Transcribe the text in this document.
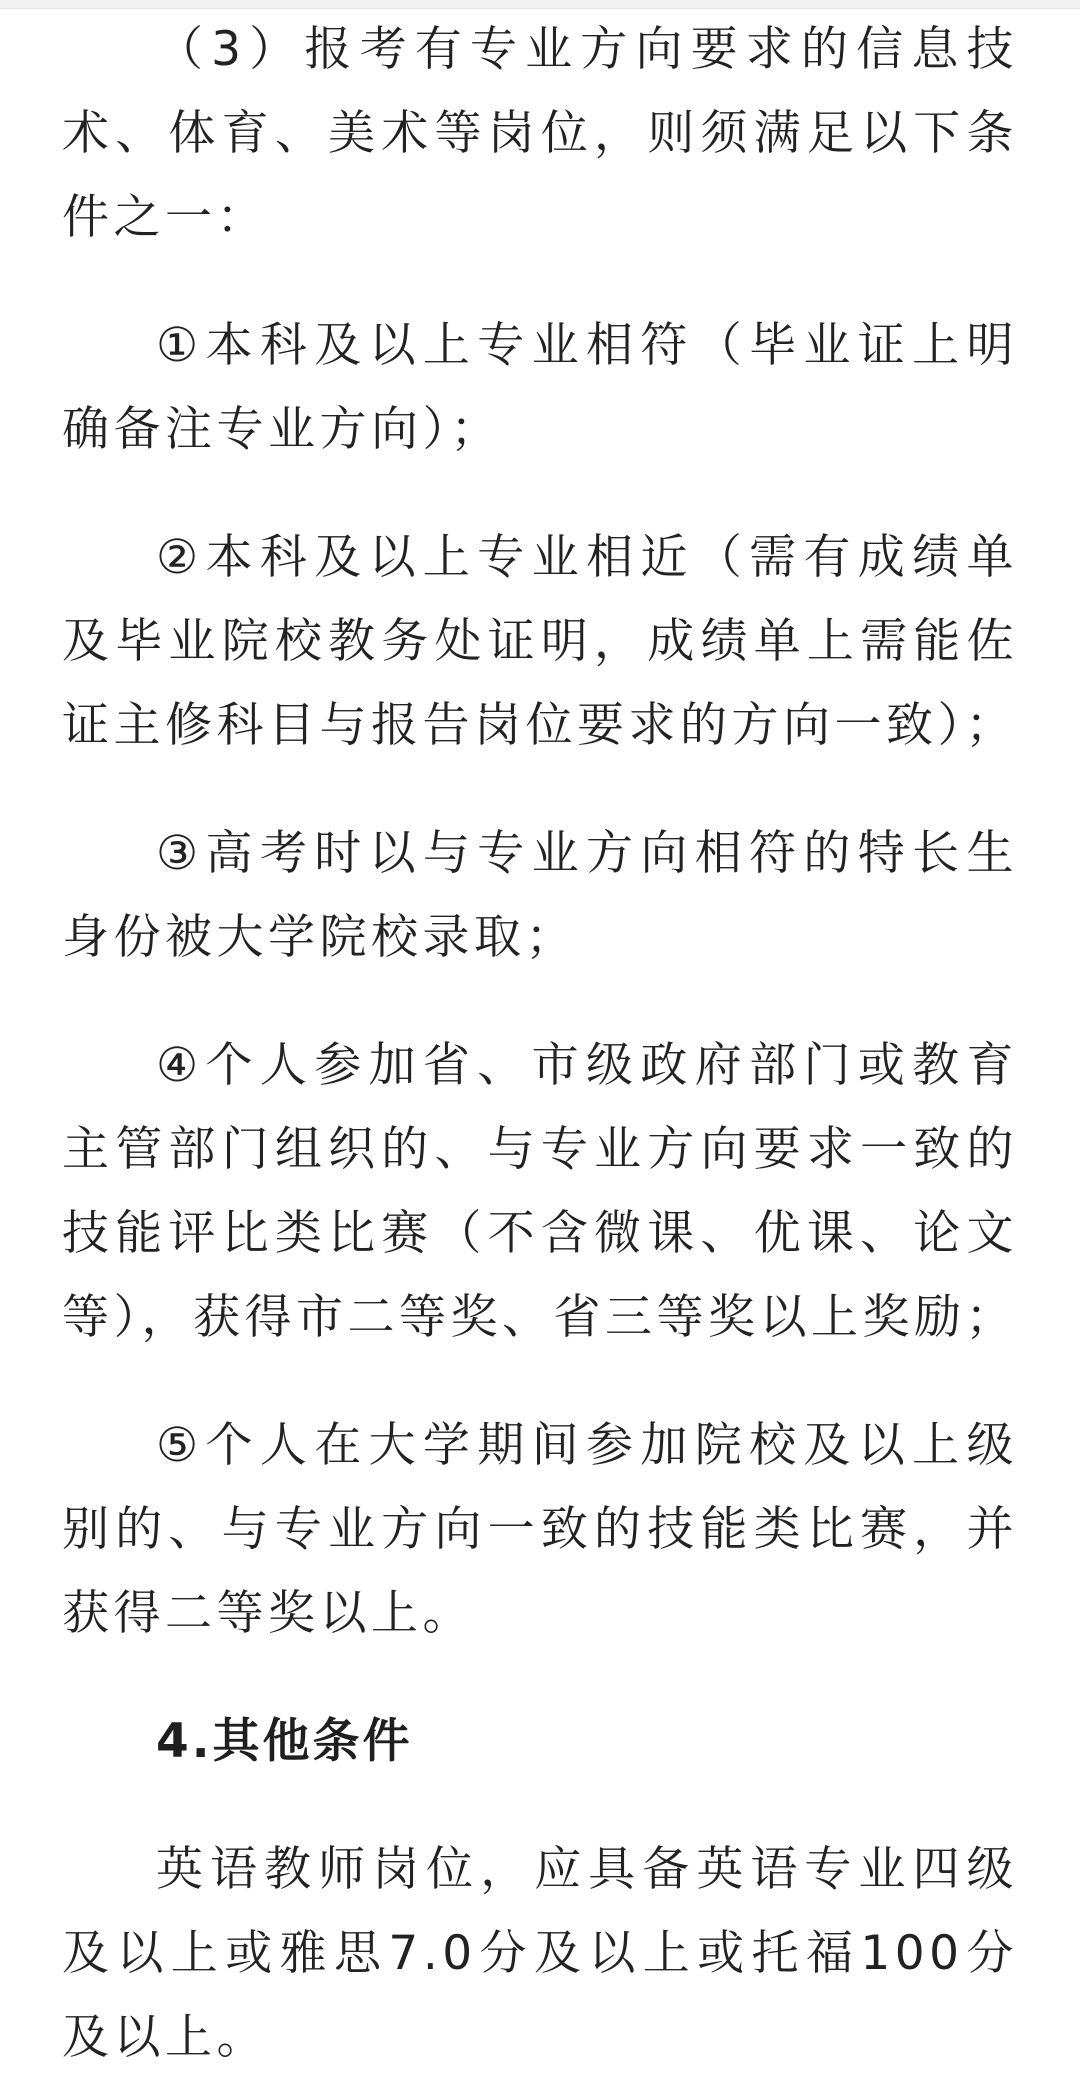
（3）报考有专业方向要求的信息技术、体育、美术等岗位，则须满足以下条件之一：

①本科及以上专业相符（毕业证上明确备注专业方向）；

②本科及以上专业相近（需有成绩单及毕业院校教务处证明，成绩单上需能佐证主修科目与报告岗位要求的方向一致）；

③高考时以与专业方向相符的特长生身份被大学院校录取；

④个人参加省、市级政府部门或教育主管部门组织的、与专业方向要求一致的技能评比类比赛（不含微课、优课、论文等），获得市二等奖、省三等奖以上奖励；

⑤个人在大学期间参加院校及以上级别的、与专业方向一致的技能类比赛，并获得二等奖以上。

4.其他条件

英语教师岗位，应具备英语专业四级及以上或雅思7.0分及以上或托福100分及以上。
